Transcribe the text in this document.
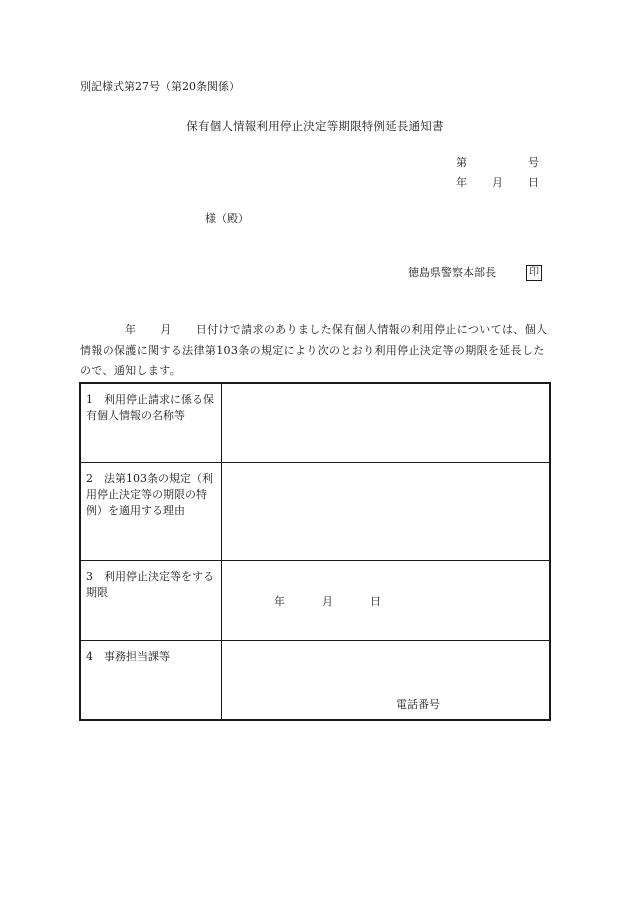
別記様式第27号（第20条関係）
保有個人情報利用停止決定等期限特例延長通知書
第	号
年 月 日
様（殿）
徳島県警察本部長	印
年 月 日付けで請求のありました保有個人情報の利用停止については、個人情報の保護に関する法律第103条の規定により次のとおり利用停止決定等の期限を延長したので、通知します。
1 利用停止請求に係る保有個人情報の名称等	

2 法第103条の規定（利用停止決定等の期限の特例）を適用する理由	

3 利用停止決定等をする期限	年 月 日

4 事務担当課等	電話番号
